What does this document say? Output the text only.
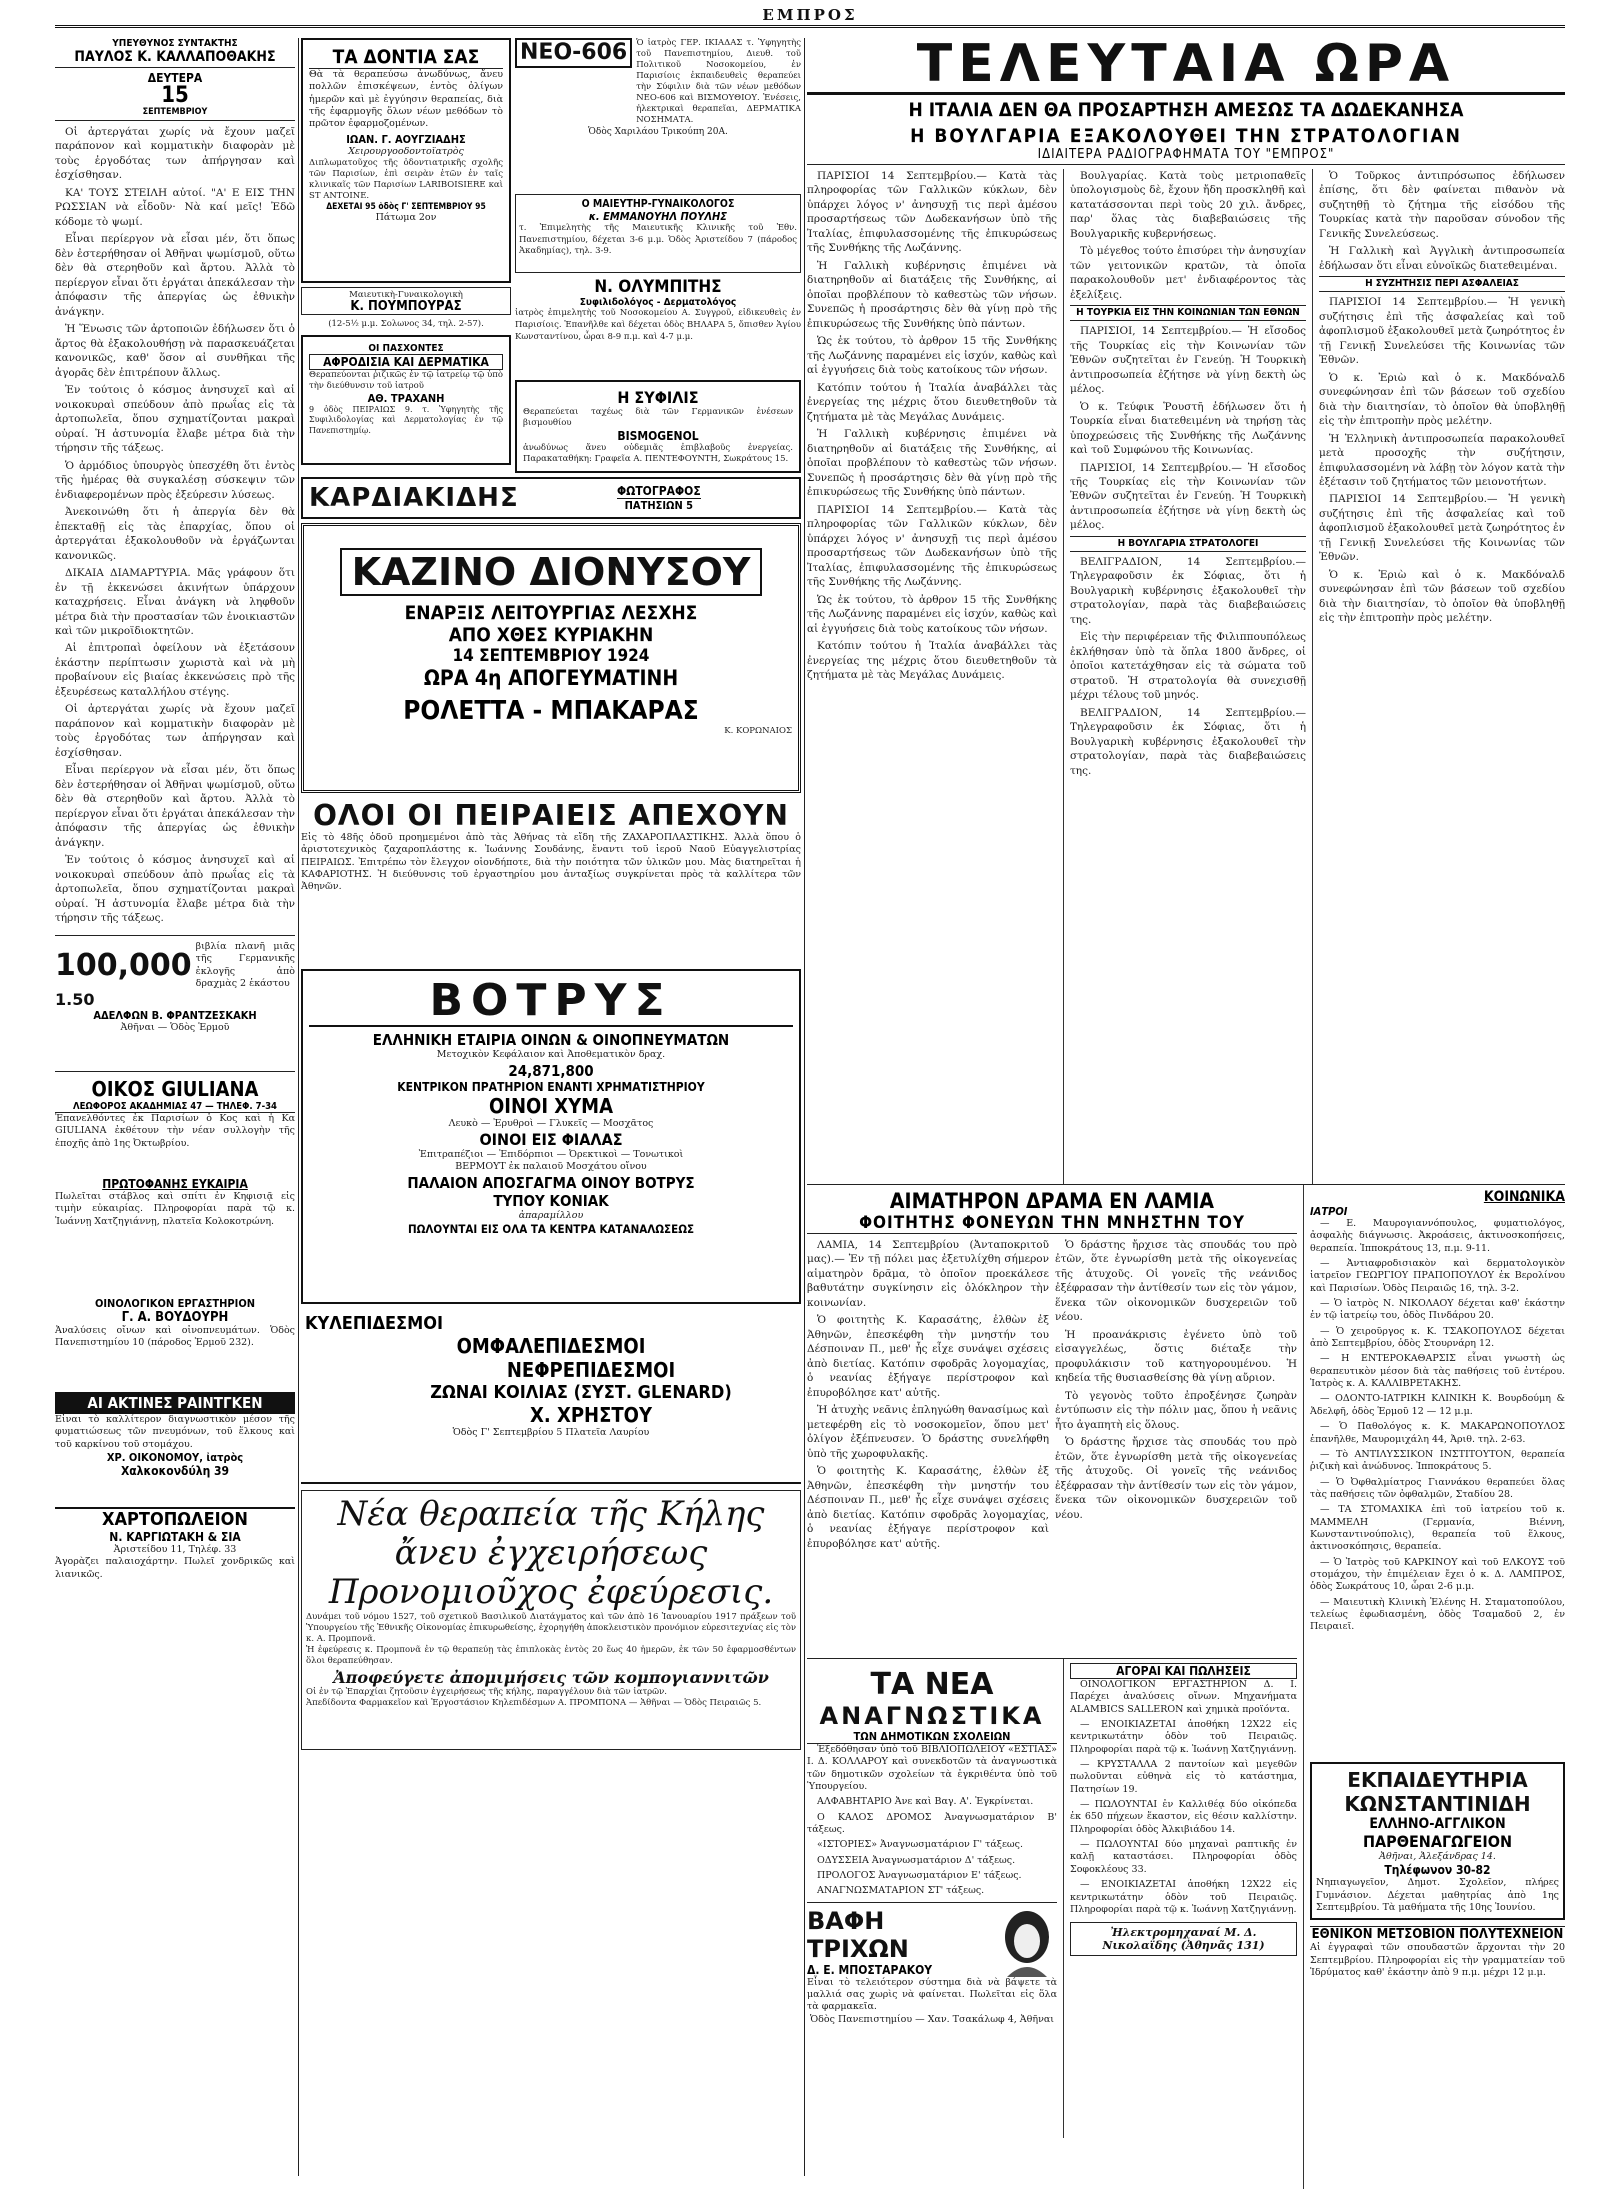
ΕΜΠΡΟΣ
ΥΠΕΥΘΥΝΟΣ ΣΥΝΤΑΚΤΗΣ
ΠΑΥΛΟΣ Κ. ΚΑΛΛΑΠΟΘΑΚΗΣ
ΔΕΥΤΕΡΑ
15
ΣΕΠΤΕΜΒΡΙΟΥ

Οἱ ἀρτεργάται χωρίς νὰ ἔχουν μαζεῖ παράπονον καὶ κομματικὴν διαφορὰν μὲ τοὺς ἐργοδότας των ἀπήργησαν καὶ ἐσχίσθησαν.

ΚΑ' ΤΟΥΣ ΣΤΕΙΛΗ αὐτοί. "Α' Ε ΕΙΣ ΤΗΝ ΡΩΣΣΙΑΝ νὰ εἶδοῦν· Νὰ καί μεῖς! Ἐδῶ κόδομε τὸ ψωμί.

Εἶναι περίεργον νὰ εἶσαι μέν, ὅτι ὅπως δὲν ἐστερήθησαν οἱ Ἀθῆναι ψωμίσμοῦ, οὕτω δὲν θὰ στερηθοῦν καὶ ἄρτου. Ἀλλὰ τὸ περίεργον εἶναι ὅτι ἐργάται ἀπεκάλεσαν τὴν ἀπόφασιν τῆς ἀπεργίας ὡς ἐθνικὴν ἀνάγκην.

Ἡ Ἕνωσις τῶν ἀρτοποιῶν ἐδήλωσεν ὅτι ὁ ἄρτος θὰ ἐξακολουθήσῃ νὰ παρασκευάζεται κανονικῶς, καθ' ὅσον αἱ συνθῆκαι τῆς ἀγορᾶς δὲν ἐπιτρέπουν ἄλλως.

Ἐν τούτοις ὁ κόσμος ἀνησυχεῖ καὶ αἱ νοικοκυραὶ σπεύδουν ἀπὸ πρωΐας εἰς τὰ ἀρτοπωλεῖα, ὅπου σχηματίζονται μακραὶ οὐραί. Ἡ ἀστυνομία ἔλαβε μέτρα διὰ τὴν τήρησιν τῆς τάξεως.

Ὁ ἀρμόδιος ὑπουργὸς ὑπεσχέθη ὅτι ἐντὸς τῆς ἡμέρας θὰ συγκαλέσῃ σύσκεψιν τῶν ἐνδιαφερομένων πρὸς ἐξεύρεσιν λύσεως.

Ἀνεκοινώθη ὅτι ἡ ἀπεργία δὲν θὰ ἐπεκταθῇ εἰς τὰς ἐπαρχίας, ὅπου οἱ ἀρτεργάται ἐξακολουθοῦν νὰ ἐργάζωνται κανονικῶς.

ΔΙΚΑΙΑ ΔΙΑΜΑΡΤΥΡΙΑ. Μᾶς γράφουν ὅτι ἐν τῇ ἐκκενώσει ἀκινήτων ὑπάρχουν καταχρήσεις. Εἶναι ἀνάγκη νὰ ληφθοῦν μέτρα διὰ τὴν προστασίαν τῶν ἐνοικιαστῶν καὶ τῶν μικροϊδιοκτητῶν.

Αἱ ἐπιτροπαὶ ὀφείλουν νὰ ἐξετάσουν ἑκάστην περίπτωσιν χωριστὰ καὶ νὰ μὴ προβαίνουν εἰς βιαίας ἐκκενώσεις πρὸ τῆς ἐξευρέσεως καταλλήλου στέγης.

Οἱ ἀρτεργάται χωρίς νὰ ἔχουν μαζεῖ παράπονον καὶ κομματικὴν διαφορὰν μὲ τοὺς ἐργοδότας των ἀπήργησαν καὶ ἐσχίσθησαν.

Εἶναι περίεργον νὰ εἶσαι μέν, ὅτι ὅπως δὲν ἐστερήθησαν οἱ Ἀθῆναι ψωμίσμοῦ, οὕτω δὲν θὰ στερηθοῦν καὶ ἄρτου. Ἀλλὰ τὸ περίεργον εἶναι ὅτι ἐργάται ἀπεκάλεσαν τὴν ἀπόφασιν τῆς ἀπεργίας ὡς ἐθνικὴν ἀνάγκην.

Ἐν τούτοις ὁ κόσμος ἀνησυχεῖ καὶ αἱ νοικοκυραὶ σπεύδουν ἀπὸ πρωΐας εἰς τὰ ἀρτοπωλεῖα, ὅπου σχηματίζονται μακραὶ οὐραί. Ἡ ἀστυνομία ἔλαβε μέτρα διὰ τὴν τήρησιν τῆς τάξεως.

100,000
βιβλία πλανῆ μιᾶς τῆς Γερμανικῆς ἐκλογῆς ἀπὸ δραχμὰς 2 ἑκάστου
1.50
ΑΔΕΛΦΩΝ Β. ΦΡΑΝΤΖΕΣΚΑΚΗ
Ἀθῆναι — Ὁδὸς Ἑρμοῦ
ΟΙΚΟΣ GIULIANA
ΛΕΩΦΟΡΟΣ ΑΚΑΔΗΜΙΑΣ 47 — ΤΗΛΕΦ. 7-34
Ἐπανελθόντες ἐκ Παρισίων ὁ Κος καὶ ἡ Κα GIULIANA ἐκθέτουν τὴν νέαν συλλογὴν τῆς ἐποχῆς ἀπὸ 1ης Ὀκτωβρίου.
ΠΡΩΤΟΦΑΝΗΣ ΕΥΚΑΙΡΙΑ
Πωλεῖται στάβλος καὶ σπίτι ἐν Κηφισιᾷ εἰς τιμὴν εὐκαιρίας. Πληροφορίαι παρὰ τῷ κ. Ἰωάννῃ Χατζηγιάννῃ, πλατεῖα Κολοκοτρώνη.
ΟΙΝΟΛΟΓΙΚΟΝ ΕΡΓΑΣΤΗΡΙΟΝ
Γ. Α. ΒΟΥΔΟΥΡΗ
Ἀναλύσεις οἴνων καὶ οἰνοπνευμάτων. Ὁδὸς Πανεπιστημίου 10 (πάροδος Ἑρμοῦ 232).
ΑΙ ΑΚΤΙΝΕΣ ΡΑΙΝΤΓΚΕΝ
Εἶναι τὸ καλλίτερον διαγνωστικὸν μέσον τῆς φυματιώσεως τῶν πνευμόνων, τοῦ ἕλκους καὶ τοῦ καρκίνου τοῦ στομάχου.
ΧΡ. ΟΙΚΟΝΟΜΟΥ, ἰατρὸς
Χαλκοκονδύλη 39
ΧΑΡΤΟΠΩΛΕΙΟΝ
Ν. ΚΑΡΓΙΩΤΑΚΗ & ΣΙΑ
Ἀριστείδου 11, Τηλέφ. 33
Ἀγορὰζει παλαιοχάρτην. Πωλεῖ χονδρικῶς καὶ λιανικῶς.
ΤΑ ΔΟΝΤΙΑ ΣΑΣ
Θὰ τὰ θεραπεύσω ἀνωδύνως, ἄνευ πολλῶν ἐπισκέψεων, ἐντὸς ὀλίγων ἡμερῶν καὶ μὲ ἐγγύησιν θεραπείας, διὰ τῆς ἐφαρμογῆς ὅλων νέων μεθόδων τὸ πρῶτον ἐφαρμοζομένων.
ΙΩΑΝ. Γ. ΑΟΥΓΖΙΑΔΗΣ
Χειρουργοοδοντοϊατρὸς
Διπλωματοῦχος τῆς ὀδοντιατρικῆς σχολῆς τῶν Παρισίων, ἐπὶ σειρὰν ἐτῶν ἐν ταῖς κλινικαῖς τῶν Παρισίων LARIBOISIERE καὶ ST ANTOINE.
ΔΕΧΕΤΑΙ 95 ὁδὸς Γ' ΣΕΠΤΕΜΒΡΙΟΥ 95
Πάτωμα 2ον
Μαιευτικὴ-Γυναικολογικὴ
Κ. ΠΟΥΜΠΟΥΡΑΣ
(12-5½ μ.μ. Σολωνος 34, τηλ. 2-57).
ΟΙ ΠΑΣΧΟΝΤΕΣ
ΑΦΡΟΔΙΣΙΑ ΚΑΙ ΔΕΡΜΑΤΙΚΑ
Θεραπεύονται ῥιζικῶς ἐν τῷ ἰατρείῳ τῷ ὑπὸ τὴν διεύθυνσιν τοῦ ἰατροῦ
ΑΘ. ΤΡΑΧΑΝΗ
9 ὁδὸς ΠΕΙΡΑΙΩΣ 9. τ. Ὑφηγητὴς τῆς Συφιλιδολογίας καὶ Δερματολογίας ἐν τῷ Πανεπιστημίῳ.
ΝΕΟ-606	Ὁ ἰατρὸς ΓΕΡ. ΙΚΙΑΔΑΣ τ. Ὑφηγητὴς τοῦ Πανεπιστημίου, Διευθ. τοῦ Πολιτικοῦ Νοσοκομείου, ἐν Παρισίοις ἐκπαιδευθεὶς θεραπεύει τὴν Σύφιλιν διὰ τῶν νέων μεθόδων ΝΕΟ-606 καὶ ΒΙΣΜΟΥΘΙΟΥ. Ἐνέσεις, ἠλεκτρικαὶ θεραπεῖαι, ΔΕΡΜΑΤΙΚΑ ΝΟΣΗΜΑΤΑ.
Ὁδὸς Χαριλάου Τρικούπη 20Α.
Ο ΜΑΙΕΥΤΗΡ-ΓΥΝΑΙΚΟΛΟΓΟΣ
κ. ΕΜΜΑΝΟΥΗΛ ΠΟΥΛΗΣ
τ. Ἐπιμελητὴς τῆς Μαιευτικῆς Κλινικῆς τοῦ Ἐθν. Πανεπιστημίου, δέχεται 3-6 μ.μ. Ὁδὸς Ἀριστείδου 7 (πάροδος Ἀκαδημίας), τηλ. 3-9.
Ν. ΟΛΥΜΠΙΤΗΣ
Συφιλιδολόγος - Δερματολόγος
ἰατρὸς ἐπιμελητὴς τοῦ Νοσοκομείου Α. Συγγροῦ, εἰδικευθεὶς ἐν Παρισίοις. Ἐπανῆλθε καὶ δέχεται ὁδὸς ΒΗΛΑΡΑ 5, ὄπισθεν Ἁγίου Κωνσταντίνου, ὧραι 8-9 π.μ. καὶ 4-7 μ.μ.
Η ΣΥΦΙΛΙΣ
Θεραπεύεται ταχέως διὰ τῶν Γερμανικῶν ἐνέσεων βισμουθίου
BISMOGENOL
ἀνωδύνως ἄνευ οὐδεμιᾶς ἐπιβλαβοῦς ἐνεργείας. Παρακαταθήκη: Γραφεῖα Α. ΠΕΝΤΕΦΟΥΝΤΗ, Σωκράτους 15.
ΚΑΡΔΙΑΚΙΔΗΣ	ΦΩΤΟΓΡΑΦΟΣ
ΠΑΤΗΣΙΩΝ 5
ΚΑΖΙΝΟ ΔΙΟΝΥΣΟΥ
ΕΝΑΡΞΙΣ ΛΕΙΤΟΥΡΓΙΑΣ ΛΕΣΧΗΣ
ΑΠΟ ΧΘΕΣ ΚΥΡΙΑΚΗΝ
14 ΣΕΠΤΕΜΒΡΙΟΥ 1924
ΩΡΑ 4η ΑΠΟΓΕΥΜΑΤΙΝΗ
ΡΟΛΕΤΤΑ - ΜΠΑΚΑΡΑΣ
Κ. ΚΟΡΩΝΑΙΟΣ
ΟΛΟΙ ΟΙ ΠΕΙΡΑΙΕΙΣ ΑΠΕΧΟΥΝ
Εἰς τὸ 48ῆς ὁδοῦ προημεμένοι ἀπὸ τὰς Ἀθήνας τὰ εἴδη τῆς ΖΑΧΑΡΟΠΛΑΣΤΙΚΗΣ. Ἀλλὰ ὅπου ὁ ἀριστοτεχνικὸς ζαχαροπλάστης κ. Ἰωάννης Σουδάνης, ἔναντι τοῦ ἱεροῦ Ναοῦ Εὐαγγελιστρίας ΠΕΙΡΑΙΩΣ. Ἐπιτρέπω τὸν ἔλεγχον οἱονδήποτε, διὰ τὴν ποιότητα τῶν ὑλικῶν μου. Μὰς διατηρεῖται ἡ ΚΑΦΑΡΙΟΤΗΣ. Ἡ διεύθυνσις τοῦ ἐργαστηρίου μου ἀνταξίως συγκρίνεται πρὸς τὰ καλλίτερα τῶν Ἀθηνῶν.
ΒΟΤΡΥΣ
ΕΛΛΗΝΙΚΗ ΕΤΑΙΡΙΑ ΟΙΝΩΝ & ΟΙΝΟΠΝΕΥΜΑΤΩΝ
Μετοχικὸν Κεφάλαιον καὶ Ἀποθεματικὸν δραχ.
24,871,800
ΚΕΝΤΡΙΚΟΝ ΠΡΑΤΗΡΙΟΝ ΕΝΑΝΤΙ ΧΡΗΜΑΤΙΣΤΗΡΙΟΥ
ΟΙΝΟΙ ΧΥΜΑ
Λευκὸ — Ἐρυθροὶ — Γλυκεῖς — Μοσχᾶτος
ΟΙΝΟΙ ΕΙΣ ΦΙΑΛΑΣ
Ἐπιτραπέζιοι — Ἐπιδόρπιοι — Ὀρεκτικοὶ — Τονωτικοὶ
ΒΕΡΜΟΥΤ ἐκ παλαιοῦ Μοσχάτου οἴνου
ΠΑΛΑΙΟΝ ΑΠΟΣΓΑΓΜΑ ΟΙΝΟΥ ΒΟΤΡΥΣ
ΤΥΠΟΥ ΚΟΝΙΑΚ
ἀπαραμίλλου
ΠΩΛΟΥΝΤΑΙ ΕΙΣ ΟΛΑ ΤΑ ΚΕΝΤΡΑ ΚΑΤΑΝΑΛΩΣΕΩΣ
ΚΥΛΕΠΙΔΕΣΜΟΙ
ΟΜΦΑΛΕΠΙΔΕΣΜΟΙ
ΝΕΦΡΕΠΙΔΕΣΜΟΙ
ΖΩΝΑΙ ΚΟΙΛΙΑΣ (ΣΥΣΤ. GLENARD)
Χ. ΧΡΗΣΤΟΥ
Ὁδὸς Γ' Σεπτεμβρίου 5 Πλατεῖα Λαυρίου
Νέα θεραπεία τῆς Κήλης
ἄνευ ἐγχειρήσεως
Προνομιοῦχος ἐφεύρεσις.
Δυνάμει τοῦ νόμου 1527, τοῦ σχετικοῦ Βασιλικοῦ Διατάγματος καὶ τῶν ἀπὸ 16 Ἰανουαρίου 1917 πράξεων τοῦ Ὑπουργείου τῆς Ἐθνικῆς Οἰκονομίας ἐπικυρωθείσης, ἐχορηγήθη ἀποκλειστικὸν προνόμιον εὑρεσιτεχνίας εἰς τὸν κ. Α. Προμπονᾶ.
Ἡ ἐφεύρεσις κ. Προμπονᾶ ἐν τῷ θεραπεύῃ τὰς ἐπιπλοκὰς ἐντὸς 20 ἕως 40 ἡμερῶν, ἐκ τῶν 50 ἐφαρμοσθέντων ὅλοι θεραπεύθησαν.
Ἀποφεύγετε ἀπομιμήσεις τῶν κομπογιαννιτῶν
Οἱ ἐν τῷ Ἐπαρχίαι ζητοῦσιν ἐγχειρήσεως τῆς κήλης, παραγγέλουν διὰ τῶν ἰατρῶν.
Ἀπεδίδοντα Φαρμακεῖον καὶ Ἐργοστάσιον Κηλεπιδέσμων Α. ΠΡΟΜΠΟΝΑ — Ἀθῆναι — Ὁδὸς Πειραιῶς 5.
ΤΕΛΕΥΤΑΙΑ ΩΡΑ
Η ΙΤΑΛΙΑ ΔΕΝ ΘΑ ΠΡΟΣΑΡΤΗΣΗ ΑΜΕΣΩΣ ΤΑ ΔΩΔΕΚΑΝΗΣΑ
Η ΒΟΥΛΓΑΡΙΑ ΕΞΑΚΟΛΟΥΘΕΙ ΤΗΝ ΣΤΡΑΤΟΛΟΓΙΑΝ
ΙΔΙΑΙΤΕΡΑ ΡΑΔΙΟΓΡΑΦΗΜΑΤΑ ΤΟΥ "ΕΜΠΡΟΣ"

ΠΑΡΙΣΙΟΙ 14 Σεπτεμβρίου.— Κατὰ τὰς πληροφορίας τῶν Γαλλικῶν κύκλων, δὲν ὑπάρχει λόγος ν' ἀνησυχῇ τις περὶ ἀμέσου προσαρτήσεως τῶν Δωδεκανήσων ὑπὸ τῆς Ἰταλίας, ἐπιφυλασσομένης τῆς ἐπικυρώσεως τῆς Συνθήκης τῆς Λωζάννης.

Ἡ Γαλλικὴ κυβέρνησις ἐπιμένει νὰ διατηρηθοῦν αἱ διατάξεις τῆς Συνθήκης, αἱ ὁποῖαι προβλέπουν τὸ καθεστὼς τῶν νήσων. Συνεπῶς ἡ προσάρτησις δὲν θὰ γίνῃ πρὸ τῆς ἐπικυρώσεως τῆς Συνθήκης ὑπὸ πάντων.

Ὡς ἐκ τούτου, τὸ ἀρθρον 15 τῆς Συνθήκης τῆς Λωζάννης παραμένει εἰς ἰσχύν, καθὼς καὶ αἱ ἐγγυήσεις διὰ τοὺς κατοίκους τῶν νήσων.

Κατόπιν τούτου ἡ Ἰταλία ἀναβάλλει τὰς ἐνεργείας της μέχρις ὅτου διευθετηθοῦν τὰ ζητήματα μὲ τὰς Μεγάλας Δυνάμεις.

Ἡ Γαλλικὴ κυβέρνησις ἐπιμένει νὰ διατηρηθοῦν αἱ διατάξεις τῆς Συνθήκης, αἱ ὁποῖαι προβλέπουν τὸ καθεστὼς τῶν νήσων. Συνεπῶς ἡ προσάρτησις δὲν θὰ γίνῃ πρὸ τῆς ἐπικυρώσεως τῆς Συνθήκης ὑπὸ πάντων.

ΠΑΡΙΣΙΟΙ 14 Σεπτεμβρίου.— Κατὰ τὰς πληροφορίας τῶν Γαλλικῶν κύκλων, δὲν ὑπάρχει λόγος ν' ἀνησυχῇ τις περὶ ἀμέσου προσαρτήσεως τῶν Δωδεκανήσων ὑπὸ τῆς Ἰταλίας, ἐπιφυλασσομένης τῆς ἐπικυρώσεως τῆς Συνθήκης τῆς Λωζάννης.

Ὡς ἐκ τούτου, τὸ ἀρθρον 15 τῆς Συνθήκης τῆς Λωζάννης παραμένει εἰς ἰσχύν, καθὼς καὶ αἱ ἐγγυήσεις διὰ τοὺς κατοίκους τῶν νήσων.

Κατόπιν τούτου ἡ Ἰταλία ἀναβάλλει τὰς ἐνεργείας της μέχρις ὅτου διευθετηθοῦν τὰ ζητήματα μὲ τὰς Μεγάλας Δυνάμεις.

Βουλγαρίας. Κατὰ τοὺς μετριοπαθεῖς ὑπολογισμοὺς δὲ, ἔχουν ἤδη προσκληθῆ καὶ κατατάσσονται περὶ τοὺς 20 χιλ. ἄνδρες, παρ' ὅλας τὰς διαβεβαιώσεις τῆς Βουλγαρικῆς κυβερνήσεως.

Τὸ μέγεθος τούτο ἐπισύρει τὴν ἀνησυχίαν τῶν γειτονικῶν κρατῶν, τὰ ὁποῖα παρακολουθοῦν μετ' ἐνδιαφέροντος τὰς ἐξελίξεις.

Η ΤΟΥΡΚΙΑ ΕΙΣ ΤΗΝ ΚΟΙΝΩΝΙΑΝ ΤΩΝ ΕΘΝΩΝ

ΠΑΡΙΣΙΟΙ, 14 Σεπτεμβρίου.— Ἡ εἴσοδος τῆς Τουρκίας εἰς τὴν Κοινωνίαν τῶν Ἐθνῶν συζητεῖται ἐν Γενεύῃ. Ἡ Τουρκικὴ ἀντιπροσωπεία ἐζήτησε νὰ γίνῃ δεκτὴ ὡς μέλος.

Ὁ κ. Τεύφικ Ῥουστῆ ἐδήλωσεν ὅτι ἡ Τουρκία εἶναι διατεθειμένη νὰ τηρήσῃ τὰς ὑποχρεώσεις τῆς Συνθήκης τῆς Λωζάννης καὶ τοῦ Συμφώνου τῆς Κοινωνίας.

ΠΑΡΙΣΙΟΙ, 14 Σεπτεμβρίου.— Ἡ εἴσοδος τῆς Τουρκίας εἰς τὴν Κοινωνίαν τῶν Ἐθνῶν συζητεῖται ἐν Γενεύῃ. Ἡ Τουρκικὴ ἀντιπροσωπεία ἐζήτησε νὰ γίνῃ δεκτὴ ὡς μέλος.

Η ΒΟΥΛΓΑΡΙΑ ΣΤΡΑΤΟΛΟΓΕΙ

ΒΕΛΙΓΡΑΔΙΟΝ, 14 Σεπτεμβρίου.— Τηλεγραφοῦσιν ἐκ Σόφιας, ὅτι ἡ Βουλγαρικὴ κυβέρνησις ἐξακολουθεῖ τὴν στρατολογίαν, παρὰ τὰς διαβεβαιώσεις της.

Εἰς τὴν περιφέρειαν τῆς Φιλιππουπόλεως ἐκλήθησαν ὑπὸ τὰ ὅπλα 1800 ἄνδρες, οἱ ὁποῖοι κατετάχθησαν εἰς τὰ σώματα τοῦ στρατοῦ. Ἡ στρατολογία θὰ συνεχισθῇ μέχρι τέλους τοῦ μηνός.

ΒΕΛΙΓΡΑΔΙΟΝ, 14 Σεπτεμβρίου.— Τηλεγραφοῦσιν ἐκ Σόφιας, ὅτι ἡ Βουλγαρικὴ κυβέρνησις ἐξακολουθεῖ τὴν στρατολογίαν, παρὰ τὰς διαβεβαιώσεις της.

Ὁ Τοῦρκος ἀντιπρόσωπος ἐδήλωσεν ἐπίσης, ὅτι δὲν φαίνεται πιθανὸν νὰ συζητηθῇ τὸ ζήτημα τῆς εἰσόδου τῆς Τουρκίας κατὰ τὴν παροῦσαν σύνοδον τῆς Γενικῆς Συνελεύσεως.

Ἡ Γαλλικὴ καὶ Ἀγγλικὴ ἀντιπροσωπεία ἐδήλωσαν ὅτι εἶναι εὐνοϊκῶς διατεθειμέναι.

Η ΣΥΖΗΤΗΣΙΣ ΠΕΡΙ ΑΣΦΑΛΕΙΑΣ

ΠΑΡΙΣΙΟΙ 14 Σεπτεμβρίου.— Ἡ γενικὴ συζήτησις ἐπὶ τῆς ἀσφαλείας καὶ τοῦ ἀφοπλισμοῦ ἐξακολουθεῖ μετὰ ζωηρότητος ἐν τῇ Γενικῇ Συνελεύσει τῆς Κοινωνίας τῶν Ἐθνῶν.

Ὁ κ. Ἐριὼ καὶ ὁ κ. Μακδόναλδ συνεφώνησαν ἐπὶ τῶν βάσεων τοῦ σχεδίου διὰ τὴν διαιτησίαν, τὸ ὁποῖον θὰ ὑποβληθῇ εἰς τὴν ἐπιτροπὴν πρὸς μελέτην.

Ἡ Ἑλληνικὴ ἀντιπροσωπεία παρακολουθεῖ μετὰ προσοχῆς τὴν συζήτησιν, ἐπιφυλασσομένη νὰ λάβῃ τὸν λόγον κατὰ τὴν ἐξέτασιν τοῦ ζητήματος τῶν μειονοτήτων.

ΠΑΡΙΣΙΟΙ 14 Σεπτεμβρίου.— Ἡ γενικὴ συζήτησις ἐπὶ τῆς ἀσφαλείας καὶ τοῦ ἀφοπλισμοῦ ἐξακολουθεῖ μετὰ ζωηρότητος ἐν τῇ Γενικῇ Συνελεύσει τῆς Κοινωνίας τῶν Ἐθνῶν.

Ὁ κ. Ἐριὼ καὶ ὁ κ. Μακδόναλδ συνεφώνησαν ἐπὶ τῶν βάσεων τοῦ σχεδίου διὰ τὴν διαιτησίαν, τὸ ὁποῖον θὰ ὑποβληθῇ εἰς τὴν ἐπιτροπὴν πρὸς μελέτην.

ΑΙΜΑΤΗΡΟΝ ΔΡΑΜΑ ΕΝ ΛΑΜΙΑ
ΦΟΙΤΗΤΗΣ ΦΟΝΕΥΩΝ ΤΗΝ ΜΝΗΣΤΗΝ ΤΟΥ

ΛΑΜΙΑ, 14 Σεπτεμβρίου (Ἀνταποκριτοῦ μας).— Ἐν τῇ πόλει μας ἐξετυλίχθη σήμερον αἱματηρὸν δρᾶμα, τὸ ὁποῖον προεκάλεσε βαθυτάτην συγκίνησιν εἰς ὁλόκληρον τὴν κοινωνίαν.

Ὁ φοιτητὴς Κ. Καρασάτης, ἐλθὼν ἐξ Ἀθηνῶν, ἐπεσκέφθη τὴν μνηστήν του Δέσποιναν Π., μεθ' ἧς εἶχε συνάψει σχέσεις ἀπὸ διετίας. Κατόπιν σφοδρᾶς λογομαχίας, ὁ νεανίας ἐξήγαγε περίστροφον καὶ ἐπυροβόλησε κατ' αὐτῆς.

Ἡ ἀτυχὴς νεᾶνις ἐπληγώθη θανασίμως καὶ μετεφέρθη εἰς τὸ νοσοκομεῖον, ὅπου μετ' ὀλίγον ἐξέπνευσεν. Ὁ δράστης συνελήφθη ὑπὸ τῆς χωροφυλακῆς.

Ὁ φοιτητὴς Κ. Καρασάτης, ἐλθὼν ἐξ Ἀθηνῶν, ἐπεσκέφθη τὴν μνηστήν του Δέσποιναν Π., μεθ' ἧς εἶχε συνάψει σχέσεις ἀπὸ διετίας. Κατόπιν σφοδρᾶς λογομαχίας, ὁ νεανίας ἐξήγαγε περίστροφον καὶ ἐπυροβόλησε κατ' αὐτῆς.

Ὁ δράστης ἤρχισε τὰς σπουδάς του πρὸ ἐτῶν, ὅτε ἐγνωρίσθη μετὰ τῆς οἰκογενείας τῆς ἀτυχοῦς. Οἱ γονεῖς τῆς νεάνιδος ἐξέφρασαν τὴν ἀντίθεσίν των εἰς τὸν γάμον, ἕνεκα τῶν οἰκονομικῶν δυσχερειῶν τοῦ νέου.

Ἡ προανάκρισις ἐγένετο ὑπὸ τοῦ εἰσαγγελέως, ὅστις διέταξε τὴν προφυλάκισιν τοῦ κατηγορουμένου. Ἡ κηδεία τῆς θυσιασθείσης θὰ γίνῃ αὔριον.

Τὸ γεγονὸς τοῦτο ἐπροξένησε ζωηρὰν ἐντύπωσιν εἰς τὴν πόλιν μας, ὅπου ἡ νεᾶνις ἦτο ἀγαπητὴ εἰς ὅλους.

Ὁ δράστης ἤρχισε τὰς σπουδάς του πρὸ ἐτῶν, ὅτε ἐγνωρίσθη μετὰ τῆς οἰκογενείας τῆς ἀτυχοῦς. Οἱ γονεῖς τῆς νεάνιδος ἐξέφρασαν τὴν ἀντίθεσίν των εἰς τὸν γάμον, ἕνεκα τῶν οἰκονομικῶν δυσχερειῶν τοῦ νέου.

ΤΑ ΝΕΑ
ΑΝΑΓΝΩΣΤΙΚΑ
ΤΩΝ ΔΗΜΟΤΙΚΩΝ ΣΧΟΛΕΙΩΝ

Ἐξεδόθησαν ὑπὸ τοῦ ΒΙΒΛΙΟΠΩΛΕΙΟΥ «ΕΣΤΙΑΣ» Ι. Δ. ΚΟΛΛΑΡΟΥ καὶ συνεκδοτῶν τὰ ἀναγνωστικὰ τῶν δημοτικῶν σχολείων τὰ ἐγκριθέντα ὑπὸ τοῦ Ὑπουργείου.

ΑΛΦΑΒΗΤΑΡΙΟ Ἀνε καὶ Βαγ. Α'. Ἐγκρίνεται.

Ο ΚΑΛΟΣ ΔΡΟΜΟΣ Ἀναγνωσματάριον Β' τάξεως.

«ΙΣΤΟΡΙΕΣ» Ἀναγνωσματάριον Γ' τάξεως.

ΟΔΥΣΣΕΙΑ Ἀναγνωσματάριον Δ' τάξεως.

ΠΡΟΛΟΓΟΣ Ἀναγνωσματάριον Ε' τάξεως.

ΑΝΑΓΝΩΣΜΑΤΑΡΙΟΝ ΣΤ' τάξεως.

ΒΑΦΗ ΤΡΙΧΩΝ
Δ. Ε. ΜΠΟΣΤΑΡΑΚΟΥ
Εἶναι τὸ τελειότερον σύστημα διὰ νὰ βάψετε τὰ μαλλιά σας χωρὶς νὰ φαίνεται. Πωλεῖται εἰς ὅλα τὰ φαρμακεῖα.
Ὁδὸς Πανεπιστημίου — Χαν. Τσακάλωφ 4, Ἀθῆναι
ΑΓΟΡΑΙ ΚΑΙ ΠΩΛΗΣΕΙΣ

ΟΙΝΟΛΟΓΙΚΟΝ ΕΡΓΑΣΤΗΡΙΟΝ Δ. Ι. Παρέχει ἀναλύσεις οἴνων. Μηχανήματα ALAMBICS SALLERON καὶ χημικὰ προϊόντα.

— ΕΝΟΙΚΙΑΖΕΤΑΙ ἀποθήκη 12Χ22 εἰς κεντρικωτάτην ὁδὸν τοῦ Πειραιῶς. Πληροφορίαι παρὰ τῷ κ. Ἰωάννῃ Χατζηγιάννῃ.

— ΚΡΥΣΤΑΛΛΑ 2 παντοίων καὶ μεγεθῶν πωλοῦνται εὐθηνὰ εἰς τὸ κατάστημα, Πατησίων 19.

— ΠΩΛΟΥΝΤΑΙ ἐν Καλλιθέᾳ δύο οἰκόπεδα ἐκ 650 πήχεων ἕκαστον, εἰς θέσιν καλλίστην. Πληροφορίαι ὁδὸς Ἀλκιβιάδου 14.

— ΠΩΛΟΥΝΤΑΙ δύο μηχαναὶ ραπτικῆς ἐν καλῇ καταστάσει. Πληροφορίαι ὁδὸς Σοφοκλέους 33.

— ΕΝΟΙΚΙΑΖΕΤΑΙ ἀποθήκη 12Χ22 εἰς κεντρικωτάτην ὁδὸν τοῦ Πειραιῶς. Πληροφορίαι παρὰ τῷ κ. Ἰωάννῃ Χατζηγιάννῃ.

Ἠλεκτρομηχαναί Μ. Δ. Νικολαΐδης (Ἀθηνᾶς 131)
ΚΟΙΝΩΝΙΚΑ
ΙΑΤΡΟΙ

— Ε. Μαυρογιαννόπουλος, φυματιολόγος, ἀσφαλὴς διάγνωσις. Ἀκροάσεις, ἀκτινοσκοπήσεις, θεραπεία. Ἱπποκράτους 13, π.μ. 9-11.

— Ἀντιαφροδισιακὸν καὶ δερματολογικὸν ἰατρεῖον ΓΕΩΡΓΙΟΥ ΠΡΑΠΟΠΟΥΛΟΥ ἐκ Βερολίνου καὶ Παρισίων. Ὁδὸς Πειραιῶς 16, τηλ. 3-2.

— Ὁ ἰατρὸς Ν. ΝΙΚΟΛΑΟΥ δέχεται καθ' ἑκάστην ἐν τῷ ἰατρείῳ του, ὁδὸς Πινδάρου 20.

— Ὁ χειροῦργος κ. Κ. ΤΣΑΚΟΠΟΥΛΟΣ δέχεται ἀπὸ Σεπτεμβρίου, ὁδὸς Στουρνάρη 12.

— Η ΕΝΤΕΡΟΚΑΘΑΡΣΙΣ εἶναι γνωστὴ ὡς θεραπευτικὸν μέσον διὰ τὰς παθήσεις τοῦ ἐντέρου. Ἰατρὸς κ. Α. ΚΑΛΛΙΒΡΕΤΑΚΗΣ.

— ΟΔΟΝΤΟ-ΙΑΤΡΙΚΗ ΚΛΙΝΙΚΗ Κ. Βουρδούμη & Ἀδελφῆ, ὁδὸς Ἑρμοῦ 12 — 12 μ.μ.

— Ὁ Παθολόγος κ. Κ. ΜΑΚΑΡΩΝΟΠΟΥΛΟΣ ἐπανῆλθε, Μαυρομιχάλη 44, Ἀριθ. τηλ. 2-63.

— Τὸ ΑΝΤΙΛΥΣΣΙΚΟΝ ΙΝΣΤΙΤΟΥΤΟΝ, θεραπεία ῥιζικὴ καὶ ἀνώδυνος. Ἰπποκράτους 5.

— Ὁ Ὀφθαλμίατρος Γιαννάκου θεραπεύει ὅλας τὰς παθήσεις τῶν ὀφθαλμῶν, Σταδίου 28.

— ΤΑ ΣΤΟΜΑΧΙΚΑ ἐπὶ τοῦ ἰατρείου τοῦ κ. ΜΑΜΜΕΛΗ (Γερμανία, Βιέννη, Κωνσταντινούπολις), θεραπεία τοῦ ἕλκους, ἀκτινοσκόπησις, θεραπεία.

— Ὁ Ἰατρὸς τοῦ ΚΑΡΚΙΝΟΥ καὶ τοῦ ΕΛΚΟΥΣ τοῦ στομάχου, τὴν ἐπιμέλειαν ἔχει ὁ κ. Δ. ΛΑΜΠΡΟΣ, ὁδὸς Σωκράτους 10, ὧραι 2-6 μ.μ.

— Μαιευτικὴ Κλινικὴ Ἐλένης Η. Σταματοπούλου, τελείως ἐφωδιασμένη, ὁδὸς Τσαμαδοῦ 2, ἐν Πειραιεῖ.

ΕΚΠΑΙΔΕΥΤΗΡΙΑ
ΚΩΝΣΤΑΝΤΙΝΙΔΗ
ΕΛΛΗΝΟ-ΑΓΓΛΙΚΟΝ
ΠΑΡΘΕΝΑΓΩΓΕΙΟΝ
Ἀθῆναι, Ἀλεξάνδρας 14.
Τηλέφωνον 30-82
Νηπιαγωγεῖον, Δημοτ. Σχολεῖον, πλήρες Γυμνάσιον. Δέχεται μαθητρίας ἀπὸ 1ης Σεπτεμβρίου. Τὰ μαθήματα τῆς 10ης Ἰουνίου.
ΕΘΝΙΚΟΝ ΜΕΤΣΟΒΙΟΝ ΠΟΛΥΤΕΧΝΕΙΟΝ
Αἱ ἐγγραφαὶ τῶν σπουδαστῶν ἄρχονται τὴν 20 Σεπτεμβρίου. Πληροφορίαι εἰς τὴν γραμματείαν τοῦ Ἱδρύματος καθ' ἑκάστην ἀπὸ 9 π.μ. μέχρι 12 μ.μ.
